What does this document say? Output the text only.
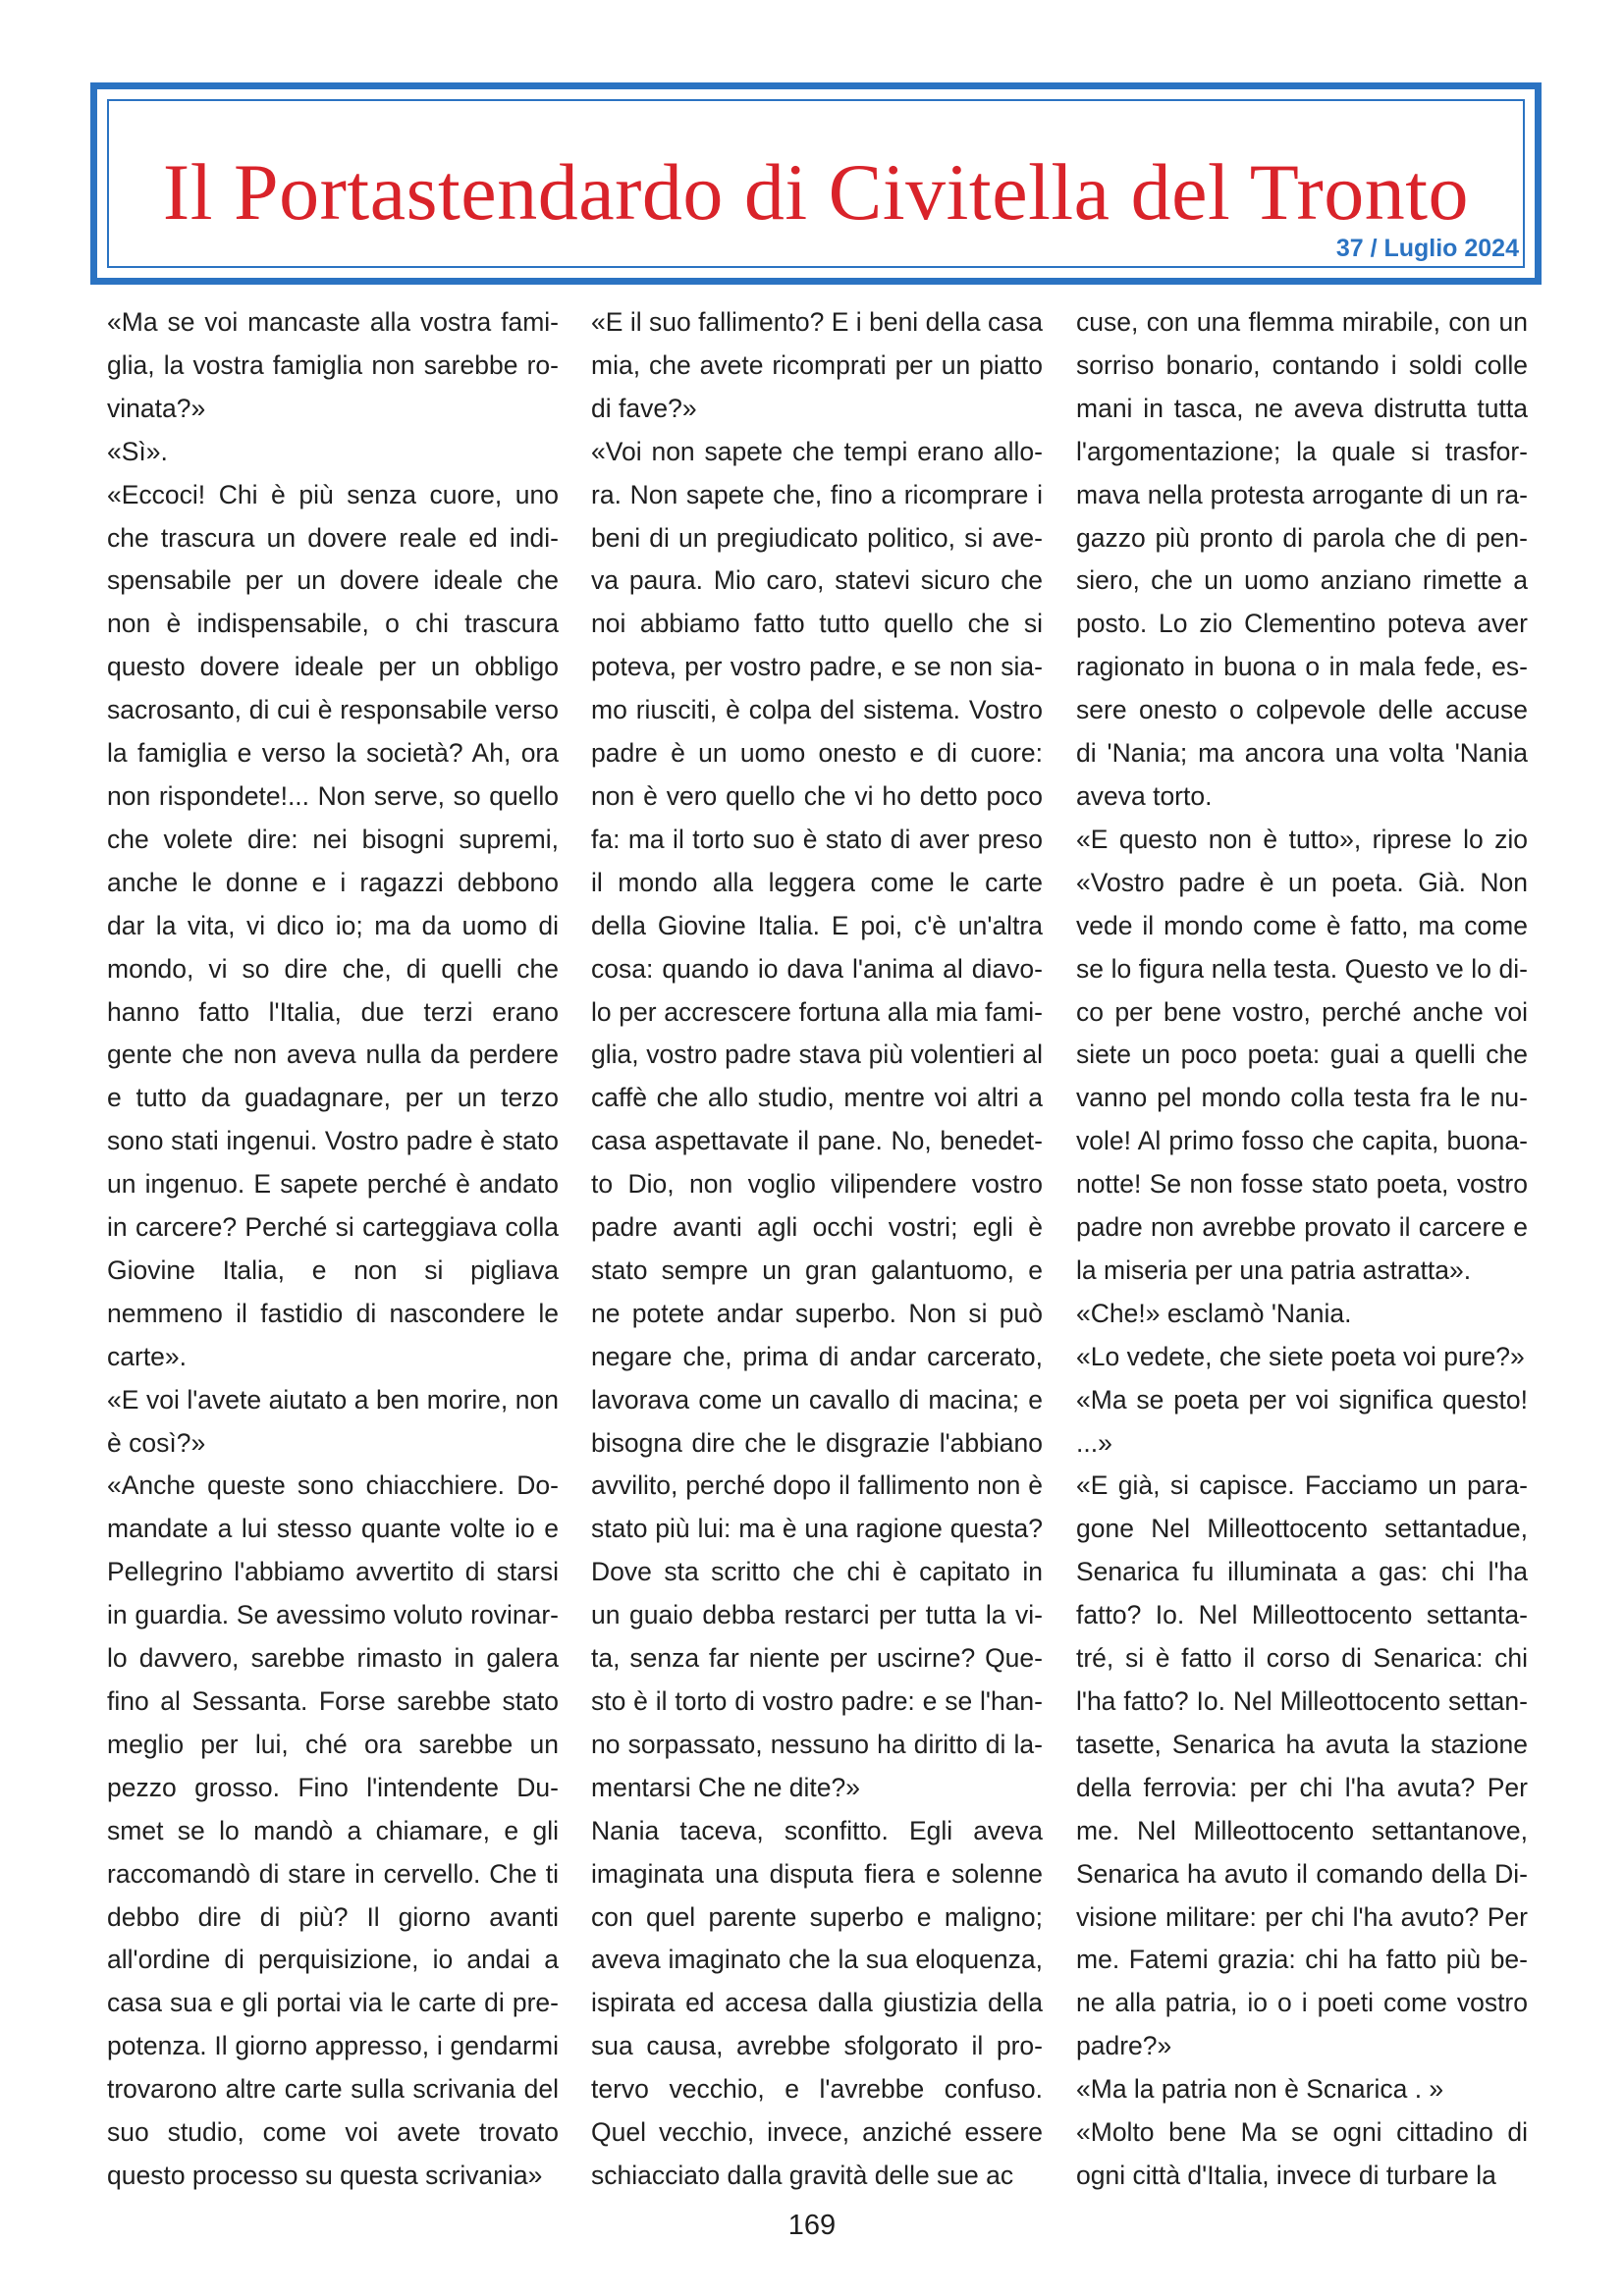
Il Portastendardo di Civitella del Tronto
37 / Luglio 2024

«Ma se voi mancaste alla vostra famiglia, la vostra famiglia non sarebbe rovinata?»

«Sì».

«Eccoci! Chi è più senza cuore, uno che trascura un dovere reale ed indispensabile per un dovere ideale che non è indispensabile, o chi trascura questo dovere ideale per un obbligo sacrosanto, di cui è responsabile verso la famiglia e verso la società? Ah, ora non rispondete!... Non serve, so quello che volete dire: nei bisogni supremi, anche le donne e i ragazzi debbono dar la vita, vi dico io; ma da uomo di mondo, vi so dire che, di quelli che hanno fatto l'Italia, due terzi erano gente che non aveva nulla da perdere e tutto da guadagnare, per un terzo sono stati ingenui. Vostro padre è stato un ingenuo. E sapete perché è andato in carcere? Perché si carteggiava colla Giovine Italia, e non si pigliava nemmeno il fastidio di nascondere le carte».

«E voi l'avete aiutato a ben morire, non è così?»

«Anche queste sono chiacchiere. Domandate a lui stesso quante volte io e Pellegrino l'abbiamo avvertito di starsi in guardia. Se avessimo voluto rovinarlo davvero, sarebbe rimasto in galera fino al Sessanta. Forse sarebbe stato meglio per lui, ché ora sarebbe un pezzo grosso. Fino l'intendente Dusmet se lo mandò a chiamare, e gli raccomandò di stare in cervello. Che ti debbo dire di più? Il giorno avanti all'ordine di perquisizione, io andai a casa sua e gli portai via le carte di prepotenza. Il giorno appresso, i gendarmi trovarono altre carte sulla scrivania del suo studio, come voi avete trovato questo processo su questa scrivania»

«E il suo fallimento? E i beni della casa mia, che avete ricomprati per un piatto di fave?»

«Voi non sapete che tempi erano allora. Non sapete che, fino a ricomprare i beni di un pregiudicato politico, si aveva paura. Mio caro, statevi sicuro che noi abbiamo fatto tutto quello che si poteva, per vostro padre, e se non siamo riusciti, è colpa del sistema. Vostro padre è un uomo onesto e di cuore: non è vero quello che vi ho detto poco fa: ma il torto suo è stato di aver preso il mondo alla leggera come le carte della Giovine Italia. E poi, c'è un'altra cosa: quando io dava l'anima al diavolo per accrescere fortuna alla mia famiglia, vostro padre stava più volentieri al caffè che allo studio, mentre voi altri a casa aspettavate il pane. No, benedetto Dio, non voglio vilipendere vostro padre avanti agli occhi vostri; egli è stato sempre un gran galantuomo, e ne potete andar superbo. Non si può negare che, prima di andar carcerato, lavorava come un cavallo di macina; e bisogna dire che le disgrazie l'abbiano avvilito, perché dopo il fallimento non è stato più lui: ma è una ragione questa? Dove sta scritto che chi è capitato in un guaio debba restarci per tutta la vita, senza far niente per uscirne? Questo è il torto di vostro padre: e se l'hanno sorpassato, nessuno ha diritto di lamentarsi Che ne dite?»

Nania taceva, sconfitto. Egli aveva imaginata una disputa fiera e solenne con quel parente superbo e maligno; aveva imaginato che la sua eloquenza, ispirata ed accesa dalla giustizia della sua causa, avrebbe sfolgorato il protervo vecchio, e l'avrebbe confuso. Quel vecchio, invece, anziché essere schiacciato dalla gravità delle sue ac

cuse, con una flemma mirabile, con un sorriso bonario, contando i soldi colle mani in tasca, ne aveva distrutta tutta l'argomentazione; la quale si trasformava nella protesta arrogante di un ragazzo più pronto di parola che di pensiero, che un uomo anziano rimette a posto. Lo zio Clementino poteva aver ragionato in buona o in mala fede, essere onesto o colpevole delle accuse di 'Nania; ma ancora una volta 'Nania aveva torto.

«E questo non è tutto», riprese lo zio «Vostro padre è un poeta. Già. Non vede il mondo come è fatto, ma come se lo figura nella testa. Questo ve lo dico per bene vostro, perché anche voi siete un poco poeta: guai a quelli che vanno pel mondo colla testa fra le nuvole! Al primo fosso che capita, buonanotte! Se non fosse stato poeta, vostro padre non avrebbe provato il carcere e la miseria per una patria astratta».

«Che!» esclamò 'Nania.

«Lo vedete, che siete poeta voi pure?»

«Ma se poeta per voi significa questo! ...»

«E già, si capisce. Facciamo un paragone Nel Milleottocento settantadue, Senarica fu illuminata a gas: chi l'ha fatto? Io. Nel Milleottocento settantatré, si è fatto il corso di Senarica: chi l'ha fatto? Io. Nel Milleottocento settantasette, Senarica ha avuta la stazione della ferrovia: per chi l'ha avuta? Per me. Nel Milleottocento settantanove, Senarica ha avuto il comando della Divisione militare: per chi l'ha avuto? Per me. Fatemi grazia: chi ha fatto più bene alla patria, io o i poeti come vostro padre?»

«Ma la patria non è Scnarica . »

«Molto bene Ma se ogni cittadino di ogni città d'Italia, invece di turbare la

169
